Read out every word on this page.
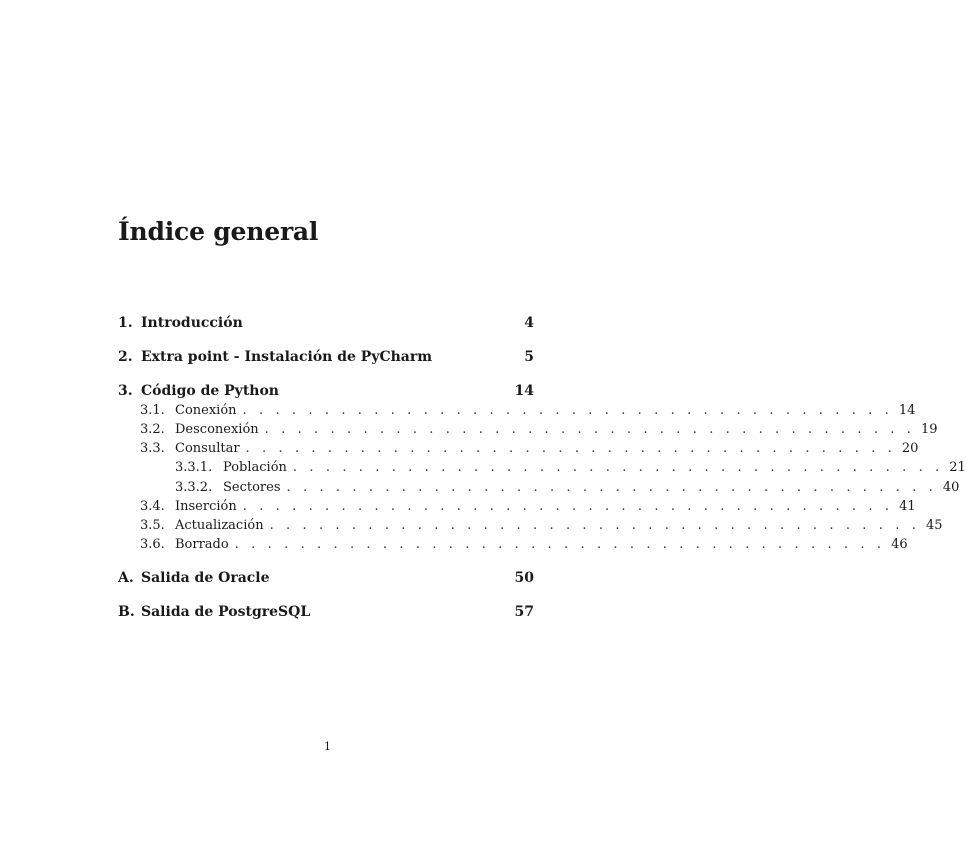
Índice general
1. Introducción	4
2. Extra point - Instalación de PyCharm	5
3. Código de Python	14
3.1. Conexión . . . . . . . . . . . . . . . . . . . . . . . . . . . . . . . . . . . . . . . . 14
3.2. Desconexión . . . . . . . . . . . . . . . . . . . . . . . . . . . . . . . . . . . . . . . . 19
3.3. Consultar . . . . . . . . . . . . . . . . . . . . . . . . . . . . . . . . . . . . . . . . 20
3.3.1. Población . . . . . . . . . . . . . . . . . . . . . . . . . . . . . . . . . . . . . . . . 21
3.3.2. Sectores . . . . . . . . . . . . . . . . . . . . . . . . . . . . . . . . . . . . . . . . 40
3.4. Inserción . . . . . . . . . . . . . . . . . . . . . . . . . . . . . . . . . . . . . . . . 41
3.5. Actualización . . . . . . . . . . . . . . . . . . . . . . . . . . . . . . . . . . . . . . . . 45
3.6. Borrado . . . . . . . . . . . . . . . . . . . . . . . . . . . . . . . . . . . . . . . . 46
A. Salida de Oracle	50
B. Salida de PostgreSQL	57
1
